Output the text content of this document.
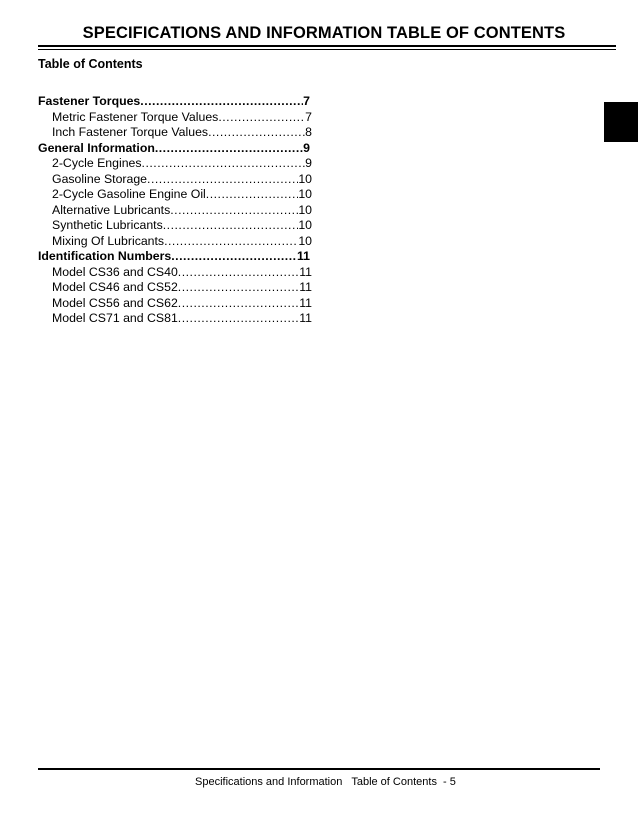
SPECIFICATIONS AND INFORMATION TABLE OF CONTENTS
Table of Contents
Fastener Torques .....	7
Metric Fastener Torque Values .....	7
Inch Fastener Torque Values .....	8
General Information .....	9
2-Cycle Engines .....	9
Gasoline Storage .....	10
2-Cycle Gasoline Engine Oil .....	10
Alternative Lubricants .....	10
Synthetic Lubricants .....	10
Mixing Of Lubricants .....	10
Identification Numbers .....	11
Model CS36 and CS40 .....	11
Model CS46 and CS52 .....	11
Model CS56 and CS62 .....	11
Model CS71 and CS81 .....	11
Specifications and Information   Table of Contents  - 5
